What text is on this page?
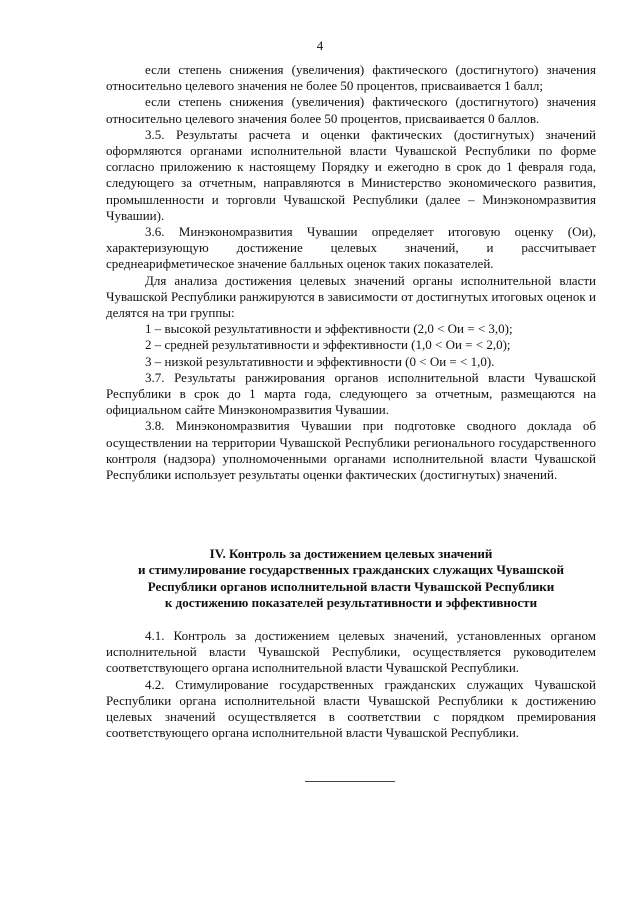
4

если степень снижения (увеличения) фактического (достигнутого) значения относительно целевого значения не более 50 процентов, присваивается 1 балл;

если степень снижения (увеличения) фактического (достигнутого) значения относительно целевого значения более 50 процентов, присваивается 0 баллов.

3.5. Результаты расчета и оценки фактических (достигнутых) значений оформляются органами исполнительной власти Чувашской Республики по форме согласно приложению к настоящему Порядку и ежегодно в срок до 1 февраля года, следующего за отчетным, направляются в Министерство экономического развития, промышленности и торговли Чувашской Республики (далее – Минэкономразвития Чувашии).

3.6. Минэкономразвития Чувашии определяет итоговую оценку (Ои), характеризующую достижение целевых значений, и рассчитывает среднеарифметическое значение балльных оценок таких показателей.

Для анализа достижения целевых значений органы исполнительной власти Чувашской Республики ранжируются в зависимости от достигнутых итоговых оценок и делятся на три группы:

1 – высокой результативности и эффективности (2,0 < Ои = < 3,0);

2 – средней результативности и эффективности (1,0 < Ои = < 2,0);

3 – низкой результативности и эффективности (0 < Ои = < 1,0).

3.7. Результаты ранжирования органов исполнительной власти Чувашской Республики в срок до 1 марта года, следующего за отчетным, размещаются на официальном сайте Минэкономразвития Чувашии.

3.8. Минэкономразвития Чувашии при подготовке сводного доклада об осуществлении на территории Чувашской Республики регионального государственного контроля (надзора) уполномоченными органами исполнительной власти Чувашской Республики использует результаты оценки фактических (достигнутых) значений.

IV. Контроль за достижением целевых значений
и стимулирование государственных гражданских служащих Чувашской
Республики органов исполнительной власти Чувашской Республики
к достижению показателей результативности и эффективности

4.1. Контроль за достижением целевых значений, установленных органом исполнительной власти Чувашской Республики, осуществляется руководителем соответствующего органа исполнительной власти Чувашской Республики.

4.2. Стимулирование государственных гражданских служащих Чувашской Республики органа исполнительной власти Чувашской Республики к достижению целевых значений осуществляется в соответствии с порядком премирования соответствующего органа исполнительной власти Чувашской Республики.
